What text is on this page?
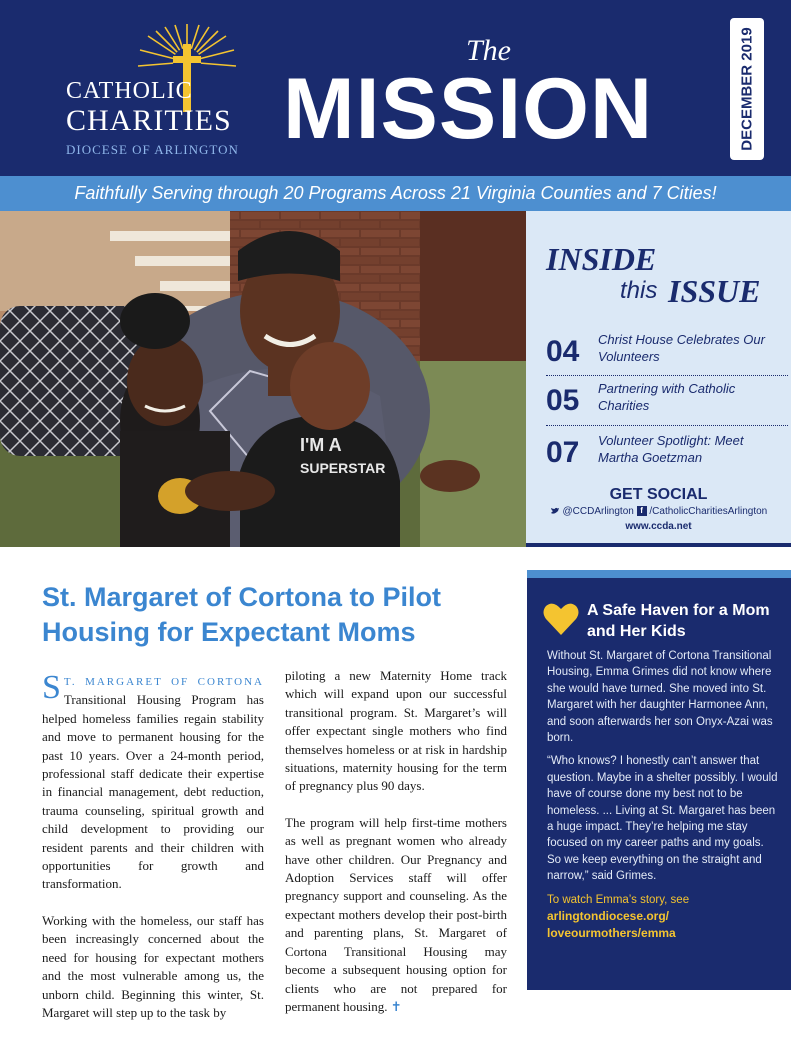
CATHOLIC
CHARITIES
DIOCESE OF ARLINGTON
The
MISSION	DECEMBER 2019
Faithfully Serving through 20 Programs Across 21 Virginia Counties and 7 Cities!
I'M A
SUPERSTAR
INSIDE
this ISSUE
04 Christ House Celebrates Our Volunteers
05 Partnering with Catholic Charities
07 Volunteer Spotlight: Meet Martha Goetzman
GET SOCIAL
@CCDArlington f /CatholicCharitiesArlington
www.ccda.net
St. Margaret of Cortona to Pilot Housing for Expectant Moms

S T. MARGARET OF CORTONA Transitional Housing Program has helped homeless families regain stability and move to permanent housing for the past 10 years. Over a 24-month period, professional staff dedicate their expertise in financial management, debt reduction, trauma counseling, spiritual growth and child development to providing our resident parents and their children with opportunities for growth and transformation.

Working with the homeless, our staff has been increasingly concerned about the need for housing for expectant mothers and the most vulnerable among us, the unborn child. Beginning this winter, St. Margaret will step up to the task by

piloting a new Maternity Home track which will expand upon our successful transitional program. St. Margaret’s will offer expectant single mothers who find themselves homeless or at risk in hardship situations, maternity housing for the term of pregnancy plus 90 days.

The program will help first-time mothers as well as pregnant women who already have other children. Our Pregnancy and Adoption Services staff will offer pregnancy support and counseling. As the expectant mothers develop their post-birth and parenting plans, St. Margaret of Cortona Transitional Housing may become a subsequent housing option for clients who are not prepared for permanent housing. ✝

A Safe Haven for a Mom and Her Kids

Without St. Margaret of Cortona Transitional Housing, Emma Grimes did not know where she would have turned. She moved into St. Margaret with her daughter Harmonee Ann, and soon afterwards her son Onyx-Azai was born.

“Who knows? I honestly can’t answer that question. Maybe in a shelter possibly. I would have of course done my best not to be homeless. ... Living at St. Margaret has been a huge impact. They’re helping me stay focused on my career paths and my goals. So we keep everything on the straight and narrow,” said Grimes.

To watch Emma’s story, see
arlingtondiocese.org/ loveourmothers/emma
